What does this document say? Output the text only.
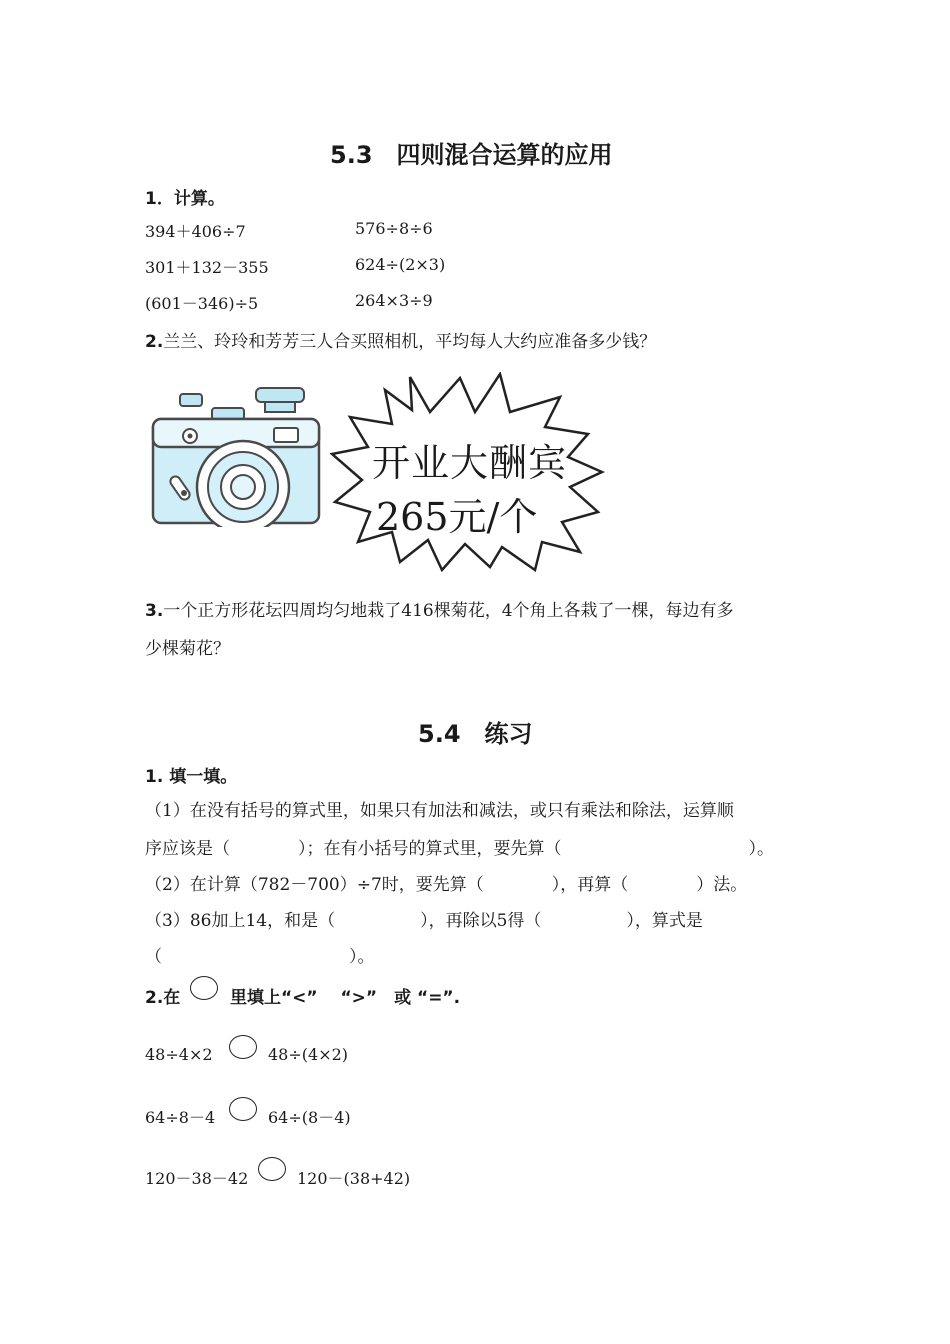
5.3　四则混合运算的应用
1．计算。
394＋406÷7	576÷8÷6
301＋132－355	624÷(2×3)
(601－346)÷5	264×3÷9
2.兰兰、玲玲和芳芳三人合买照相机，平均每人大约应准备多少钱？
开业大酬宾
265元/个
3.一个正方形花坛四周均匀地栽了416棵菊花，4个角上各栽了一棵，每边有多
少棵菊花？
5.4　练习
1. 填一填。
（1）在没有括号的算式里，如果只有加法和减法，或只有乘法和除法，运算顺
序应该是（　　　　）；在有小括号的算式里，要先算（　　　　　　　　　　　）。
（2）在计算（782－700）÷7时，要先算（　　　　），再算（　　　　）法。
（3）86加上14，和是（　　　　　），再除以5得（　　　　　），算式是
（　　　　　　　　　　　）。
2.在	里填上“<”　 “>”　或 “=”.
48÷4×2	48÷(4×2)
64÷8－4	64÷(8－4)
120－38－42	120－(38+42)
